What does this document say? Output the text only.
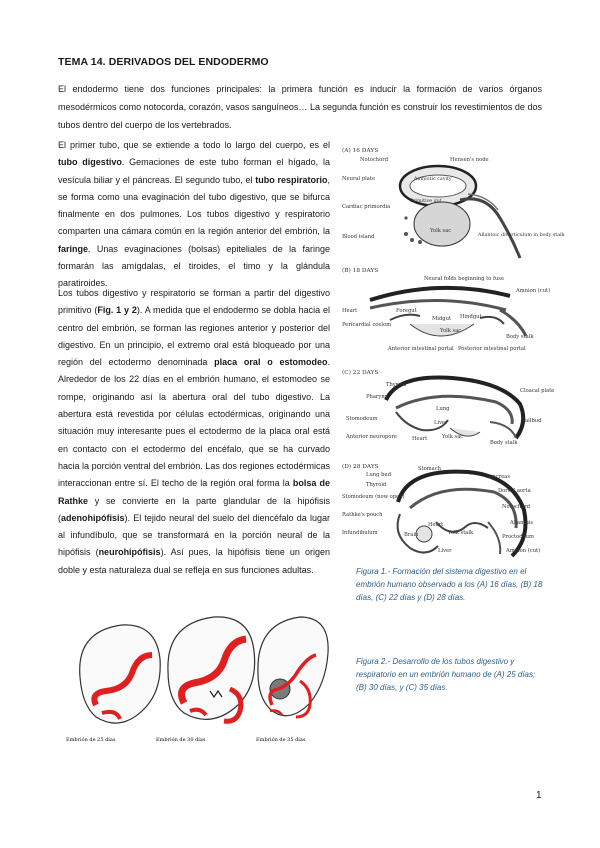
TEMA 14. DERIVADOS DEL ENDODERMO
El endodermo tiene dos funciones principales: la primera función es inducir la formación de varios órganos mesodérmicos como notocorda, corazón, vasos sanguíneos… La segunda función es construir los revestimientos de dos tubos dentro del cuerpo de los vertebrados.
El primer tubo, que se extiende a todo lo largo del cuerpo, es el tubo digestivo. Gemaciones de este tubo forman el hígado, la vesícula biliar y el páncreas. El segundo tubo, el tubo respiratorio, se forma como una evaginación del tubo digestivo, que se bifurca finalmente en dos pulmones. Los tubos digestivo y respiratorio comparten una cámara común en la región anterior del embrión, la faringe. Unas evaginaciones (bolsas) epiteliales de la faringe formarán las amígdalas, el tiroides, el timo y la glándula paratiroides.
Los tubos digestivo y respiratorio se forman a partir del digestivo primitivo (Fig. 1 y 2). A medida que el endodermo se dobla hacia el centro del embrión, se forman las regiones anterior y posterior del digestivo. En un principio, el extremo oral está bloqueado por una región del ectodermo denominada placa oral o estomodeo. Alrededor de los 22 días en el embrión humano, el estomodeo se rompe, originando así la abertura oral del tubo digestivo. La abertura está revestida por células ectodérmicas, originando una situación muy interesante pues el ectodermo de la placa oral está en contacto con el ectodermo del encéfalo, que se ha curvado hacia la porción ventral del embrión. Las dos regiones ectodérmicas interaccionan entre sí. El techo de la región oral forma la bolsa de Rathke y se convierte en la parte glandular de la hipófisis (adenohipófisis). El tejido neural del suelo del diencéfalo da lugar al infundíbulo, que se transformará en la porción neural de la hipófisis (neurohipófisis). Así pues, la hipófisis tiene un origen doble y esta naturaleza dual se refleja en sus funciones adultas.
(A) 16 DAYS
Notochord	Hensen's node
Neural plate	Amniotic cavity
Primitive gut
Cardiac primordia
Allantoic diverticulum in body stalk
Blood island
Yolk sac
(B) 18 DAYS
Neural folds beginning to fuse
Amnion (cut)
Heart	Foregut
Midgut Hindgut
Pericardial coelom
Yolk sac
Body stalk
Anterior intestinal portal Posterior intestinal portal
(C) 22 DAYS
Thyroid
Pharynx
Cloacal plate
Lung
Stomodeum
Liver	Tailbud
Anterior neuropore	Heart	Yolk sac
Body stalk
(D) 28 DAYS
Lung bud
Stomach
Thyroid
Pancreas
Stomodeum (now open)
Dorsal aorta
Notochord
Rathke's pouch
Allantois
Heart
Infundibulum	Brain	Yolk stalk
Proctodeum
Liver	Amnion (cut)
Figura 1.- Formación del sistema digestivo en el embrión humano observado a los (A) 16 días, (B) 18 días, (C) 22 días y (D) 28 días.
Figura 2.- Desarrollo de los tubos digestivo y respiratorio en un embrión humano de (A) 25 días; (B) 30 días, y (C) 35 días.
Embrión de 25 días	Embrión de 30 días	Embrión de 35 días
1
